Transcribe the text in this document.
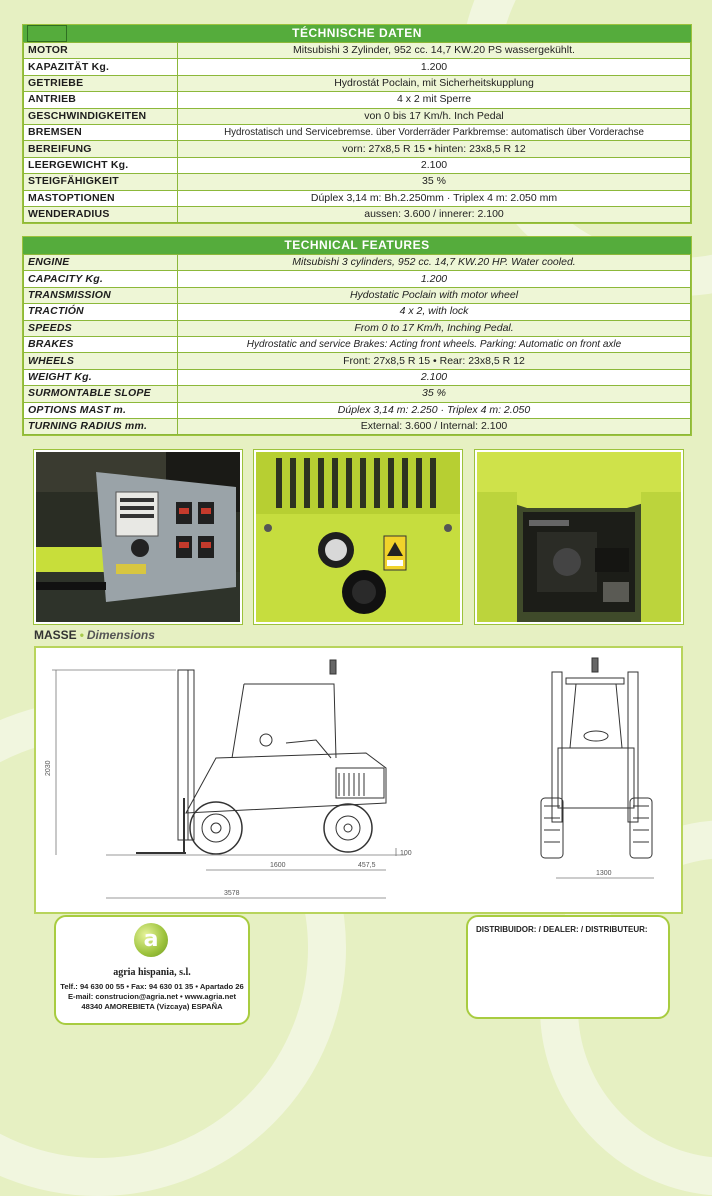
TÉCHNISCHE DATEN
MOTOR	Mitsubishi 3 Zylinder, 952 cc. 14,7 KW.20 PS wassergekühlt.
KAPAZITÄT Kg.	1.200
GETRIEBE	Hydrostát Poclain, mit Sicherheitskupplung
ANTRIEB	4 x 2 mit Sperre
GESCHWINDIGKEITEN	von 0 bis 17 Km/h. Inch Pedal
BREMSEN	Hydrostatisch und Servicebremse. über Vorderräder Parkbremse: automatisch über Vorderachse
BEREIFUNG	vorn: 27x8,5 R 15 • hinten: 23x8,5 R 12
LEERGEWICHT Kg.	2.100
STEIGFÄHIGKEIT	35 %
MASTOPTIONEN	Dúplex 3,14 m: Bh.2.250mm · Triplex 4 m: 2.050 mm
WENDERADIUS	aussen: 3.600 / innerer: 2.100
TECHNICAL FEATURES
ENGINE	Mitsubishi 3 cylinders, 952 cc. 14,7 KW.20 HP. Water cooled.
CAPACITY Kg.	1.200
TRANSMISSION	Hydostatic Poclain with motor wheel
TRACTIÓN	4 x 2, with lock
SPEEDS	From 0 to 17 Km/h, Inching Pedal.
BRAKES	Hydrostatic and service Brakes: Acting front wheels. Parking: Automatic on front axle
WHEELS	Front: 27x8,5 R 15 • Rear: 23x8,5 R 12
WEIGHT Kg.	2.100
SURMONTABLE SLOPE	35 %
OPTIONS MAST m.	Dúplex 3,14 m: 2.250 · Triplex 4 m: 2.050
TURNING RADIUS mm.	External: 3.600 / Internal: 2.100
MASSE • Dimensions
2030
1600	457,5
100
3578
1300
a
agria hispania, s.l.
Telf.: 94 630 00 55 • Fax: 94 630 01 35 • Apartado 26
E-mail: construcion@agria.net • www.agria.net
48340 AMOREBIETA (Vizcaya) ESPAÑA
DISTRIBUIDOR: / DEALER: / DISTRIBUTEUR:
